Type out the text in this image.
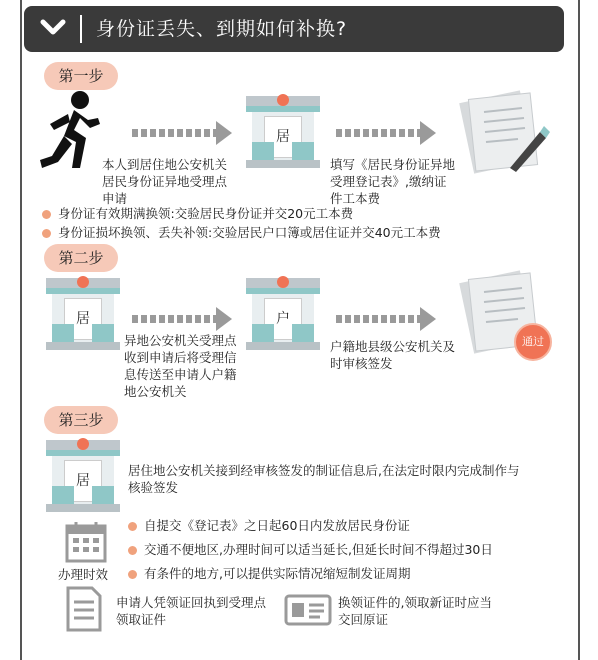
身份证丢失、到期如何补换?
第一步
居
本人到居住地公安机关
居民身份证异地受理点
申请
填写《居民身份证异地
受理登记表》,缴纳证
件工本费
身份证有效期满换领:交验居民身份证并交20元工本费
身份证损坏换领、丢失补领:交验居民户口簿或居住证并交40元工本费
第二步
居	户
通过
异地公安机关受理点
收到申请后将受理信
息传送至申请人户籍
地公安机关
户籍地县级公安机关及
时审核签发
第三步
居
居住地公安机关接到经审核签发的制证信息后,在法定时限内完成制作与
核验签发
办理时效
自提交《登记表》之日起60日内发放居民身份证
交通不便地区,办理时间可以适当延长,但延长时间不得超过30日
有条件的地方,可以提供实际情况缩短制发证周期
申请人凭领证回执到受理点
领取证件
换领证件的,领取新证时应当
交回原证
